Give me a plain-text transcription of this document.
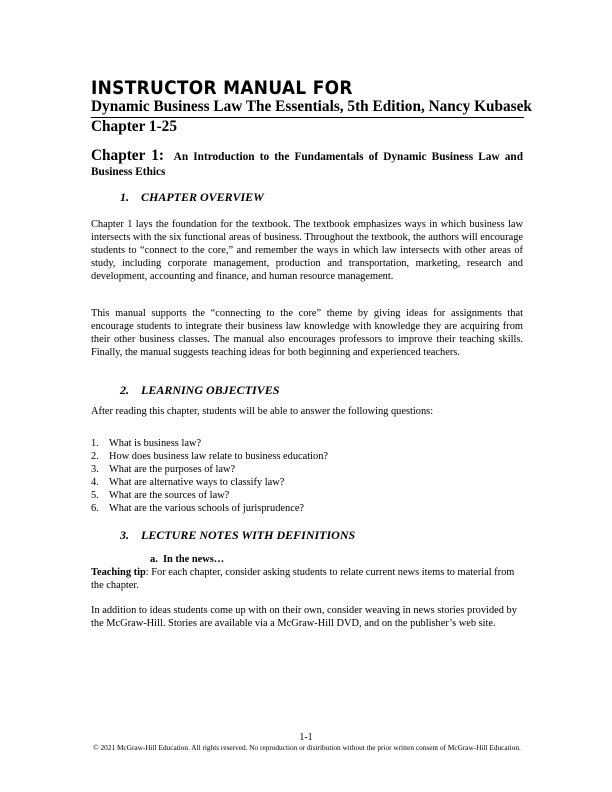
INSTRUCTOR MANUAL FOR
Dynamic Business Law The Essentials, 5th Edition, Nancy Kubasek
Chapter 1-25
Chapter 1: An Introduction to the Fundamentals of Dynamic Business Law and Business Ethics
1. CHAPTER OVERVIEW
Chapter 1 lays the foundation for the textbook. The textbook emphasizes ways in which business law intersects with the six functional areas of business. Throughout the textbook, the authors will encourage students to “connect to the core,” and remember the ways in which law intersects with other areas of study, including corporate management, production and transportation, marketing, research and development, accounting and finance, and human resource management.
This manual supports the “connecting to the core” theme by giving ideas for assignments that encourage students to integrate their business law knowledge with knowledge they are acquiring from their other business classes. The manual also encourages professors to improve their teaching skills. Finally, the manual suggests teaching ideas for both beginning and experienced teachers.
2. LEARNING OBJECTIVES
After reading this chapter, students will be able to answer the following questions:
1. What is business law?
2. How does business law relate to business education?
3. What are the purposes of law?
4. What are alternative ways to classify law?
5. What are the sources of law?
6. What are the various schools of jurisprudence?
3. LECTURE NOTES WITH DEFINITIONS
a. In the news…
Teaching tip: For each chapter, consider asking students to relate current news items to material from the chapter.
In addition to ideas students come up with on their own, consider weaving in news stories provided by the McGraw-Hill. Stories are available via a McGraw-Hill DVD, and on the publisher’s web site.
1-1
© 2021 McGraw-Hill Education. All rights reserved. No reproduction or distribution without the prior written consent of McGraw-Hill Education.
